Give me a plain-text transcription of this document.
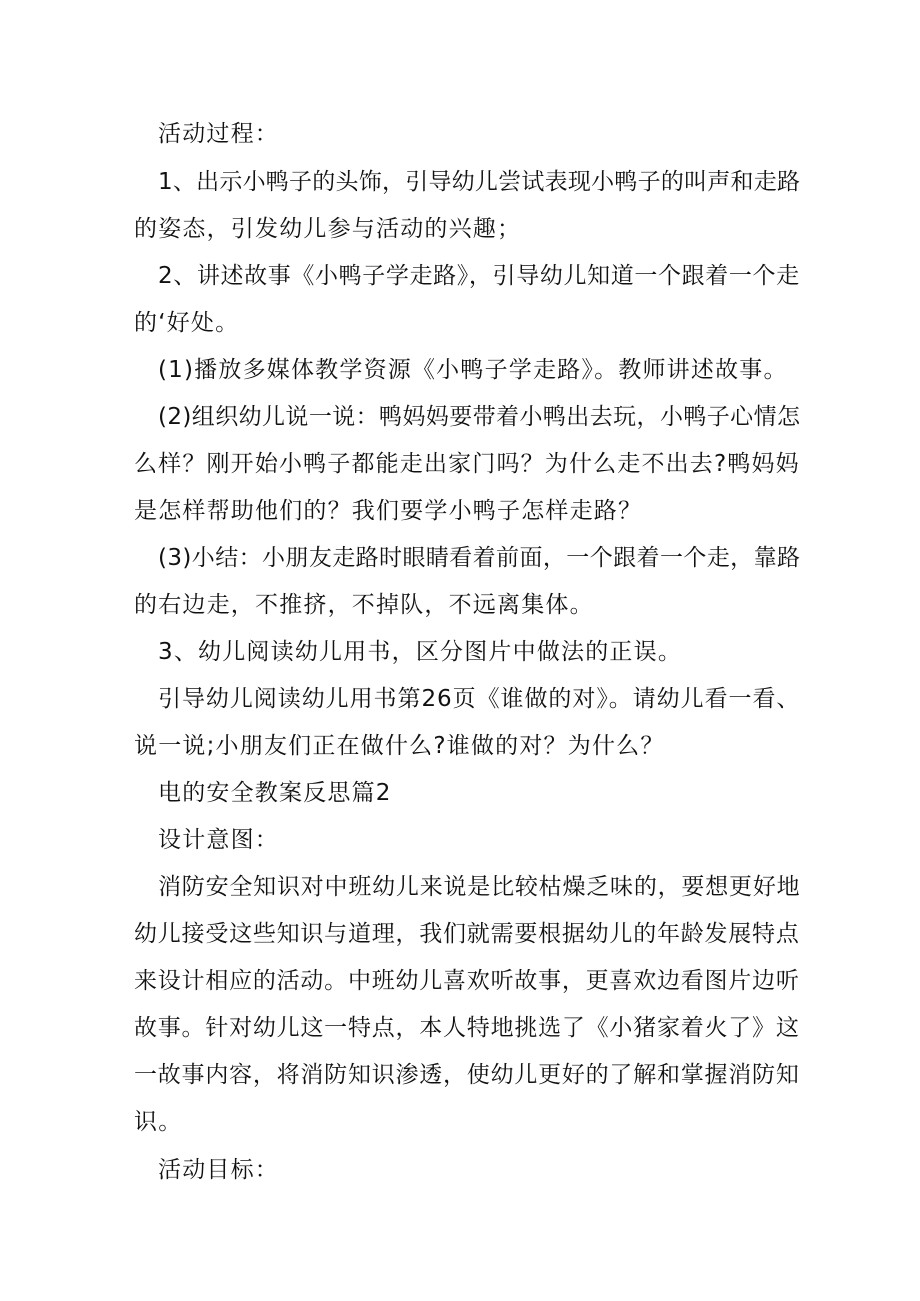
活动过程：
1、出示小鸭子的头饰，引导幼儿尝试表现小鸭子的叫声和走路
的姿态，引发幼儿参与活动的兴趣；
2、讲述故事《小鸭子学走路》，引导幼儿知道一个跟着一个走
的‘好处。
(1)播放多媒体教学资源《小鸭子学走路》。教师讲述故事。
(2)组织幼儿说一说：鸭妈妈要带着小鸭出去玩，小鸭子心情怎
么样？刚开始小鸭子都能走出家门吗？为什么走不出去?鸭妈妈
是怎样帮助他们的？我们要学小鸭子怎样走路？
(3)小结：小朋友走路时眼睛看着前面，一个跟着一个走，靠路
的右边走，不推挤，不掉队，不远离集体。
3、幼儿阅读幼儿用书，区分图片中做法的正误。
引导幼儿阅读幼儿用书第26页《谁做的对》。请幼儿看一看、
说一说;小朋友们正在做什么?谁做的对？为什么？
电的安全教案反思篇2
设计意图：
消防安全知识对中班幼儿来说是比较枯燥乏味的，要想更好地
幼儿接受这些知识与道理，我们就需要根据幼儿的年龄发展特点
来设计相应的活动。中班幼儿喜欢听故事，更喜欢边看图片边听
故事。针对幼儿这一特点，本人特地挑选了《小猪家着火了》这
一故事内容，将消防知识渗透，使幼儿更好的了解和掌握消防知
识。
活动目标：
